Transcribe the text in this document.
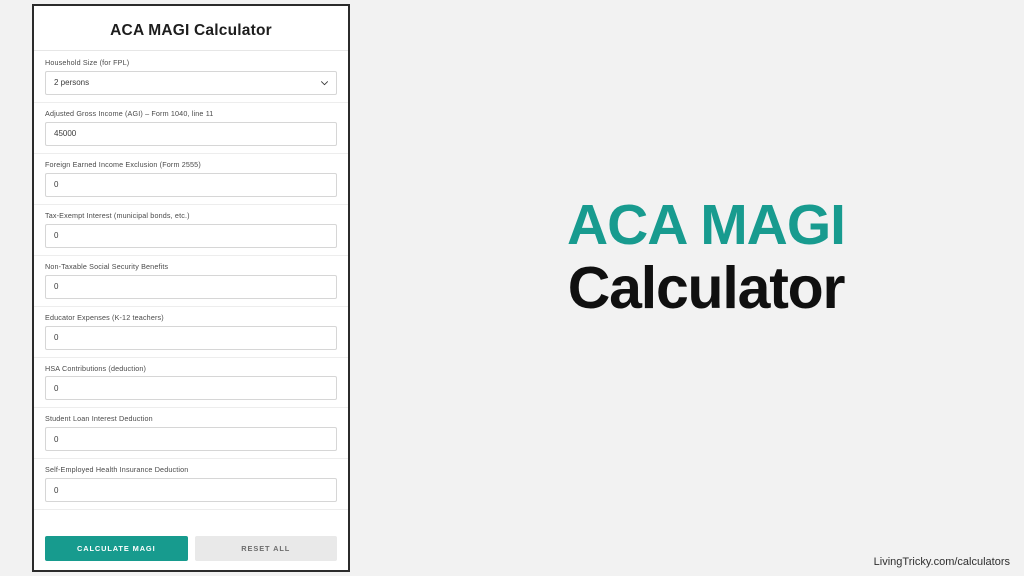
ACA MAGI Calculator
Household Size (for FPL)
2 persons
Adjusted Gross Income (AGI) – Form 1040, line 11
45000
Foreign Earned Income Exclusion (Form 2555)
0
Tax-Exempt Interest (municipal bonds, etc.)
0
Non-Taxable Social Security Benefits
0
Educator Expenses (K-12 teachers)
0
HSA Contributions (deduction)
0
Student Loan Interest Deduction
0
Self-Employed Health Insurance Deduction
0
CALCULATE MAGI	RESET ALL
ACA MAGI
Calculator
LivingTricky.com/calculators
